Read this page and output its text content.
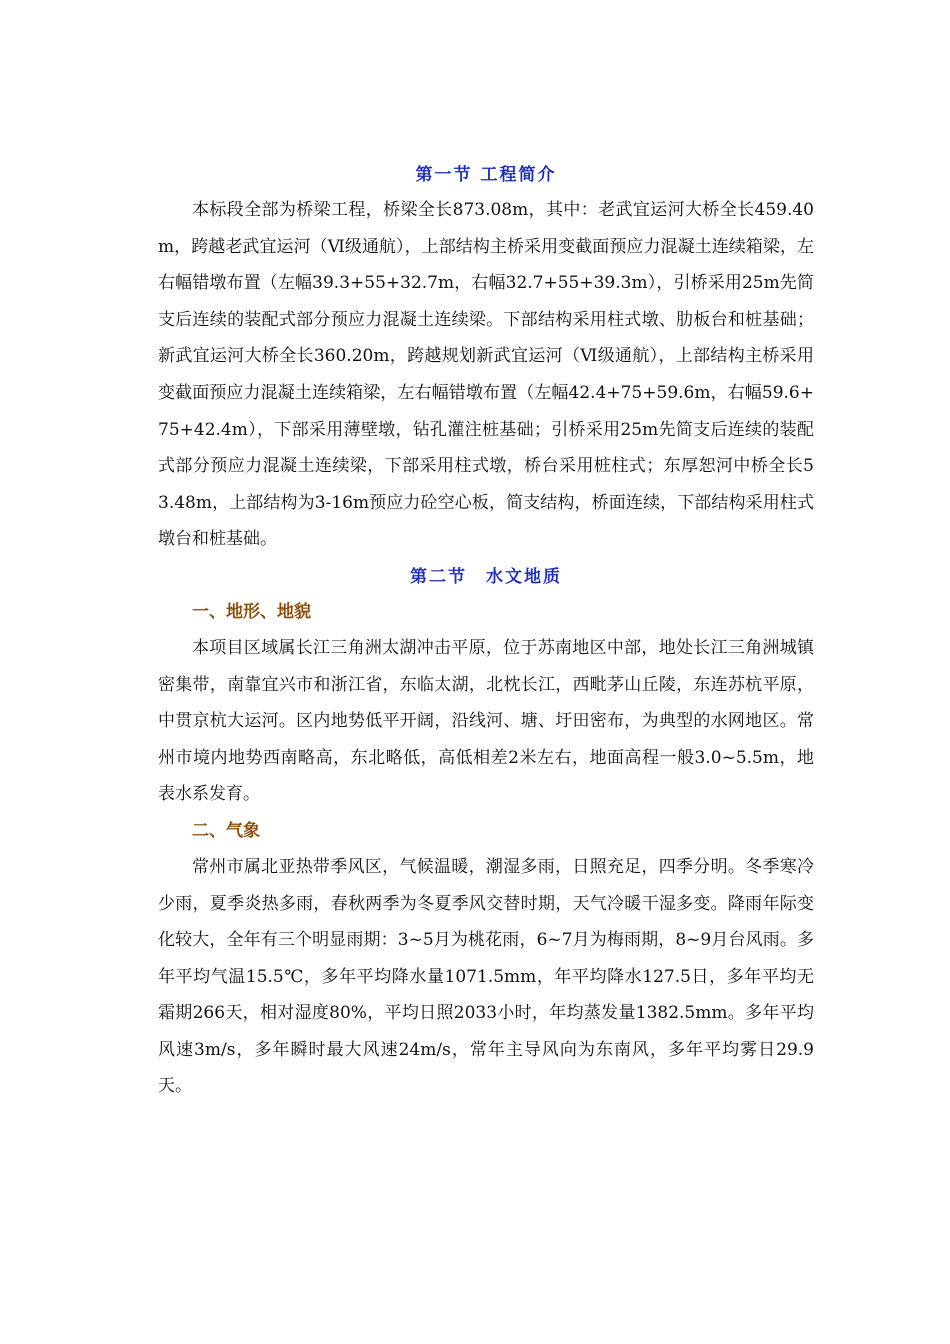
第一节 工程简介

本标段全部为桥梁工程，桥梁全长873.08m，其中：老武宜运河大桥全长459.40m，跨越老武宜运河（Ⅵ级通航），上部结构主桥采用变截面预应力混凝土连续箱梁，左右幅错墩布置（左幅39.3+55+32.7m，右幅32.7+55+39.3m），引桥采用25m先简支后连续的装配式部分预应力混凝土连续梁。下部结构采用柱式墩、肋板台和桩基础；新武宜运河大桥全长360.20m，跨越规划新武宜运河（Ⅵ级通航），上部结构主桥采用变截面预应力混凝土连续箱梁，左右幅错墩布置（左幅42.4+75+59.6m，右幅59.6+75+42.4m），下部采用薄壁墩，钻孔灌注桩基础；引桥采用25m先简支后连续的装配式部分预应力混凝土连续梁，下部采用柱式墩，桥台采用桩柱式；东厚恕河中桥全长53.48m，上部结构为3-16m预应力砼空心板，简支结构，桥面连续，下部结构采用柱式墩台和桩基础。

第二节　水文地质
一、地形、地貌

本项目区域属长江三角洲太湖冲击平原，位于苏南地区中部，地处长江三角洲城镇密集带，南靠宜兴市和浙江省，东临太湖，北枕长江，西毗茅山丘陵，东连苏杭平原，中贯京杭大运河。区内地势低平开阔，沿线河、塘、圩田密布，为典型的水网地区。常州市境内地势西南略高，东北略低，高低相差2米左右，地面高程一般3.0~5.5m，地表水系发育。

二、气象

常州市属北亚热带季风区，气候温暖，潮湿多雨，日照充足，四季分明。冬季寒冷少雨，夏季炎热多雨，春秋两季为冬夏季风交替时期，天气冷暖干湿多变。降雨年际变化较大，全年有三个明显雨期：3~5月为桃花雨，6~7月为梅雨期，8~9月台风雨。多年平均气温15.5℃，多年平均降水量1071.5mm，年平均降水127.5日，多年平均无霜期266天，相对湿度80%，平均日照2033小时，年均蒸发量1382.5mm。多年平均风速3m/s，多年瞬时最大风速24m/s，常年主导风向为东南风，多年平均雾日29.9天。
